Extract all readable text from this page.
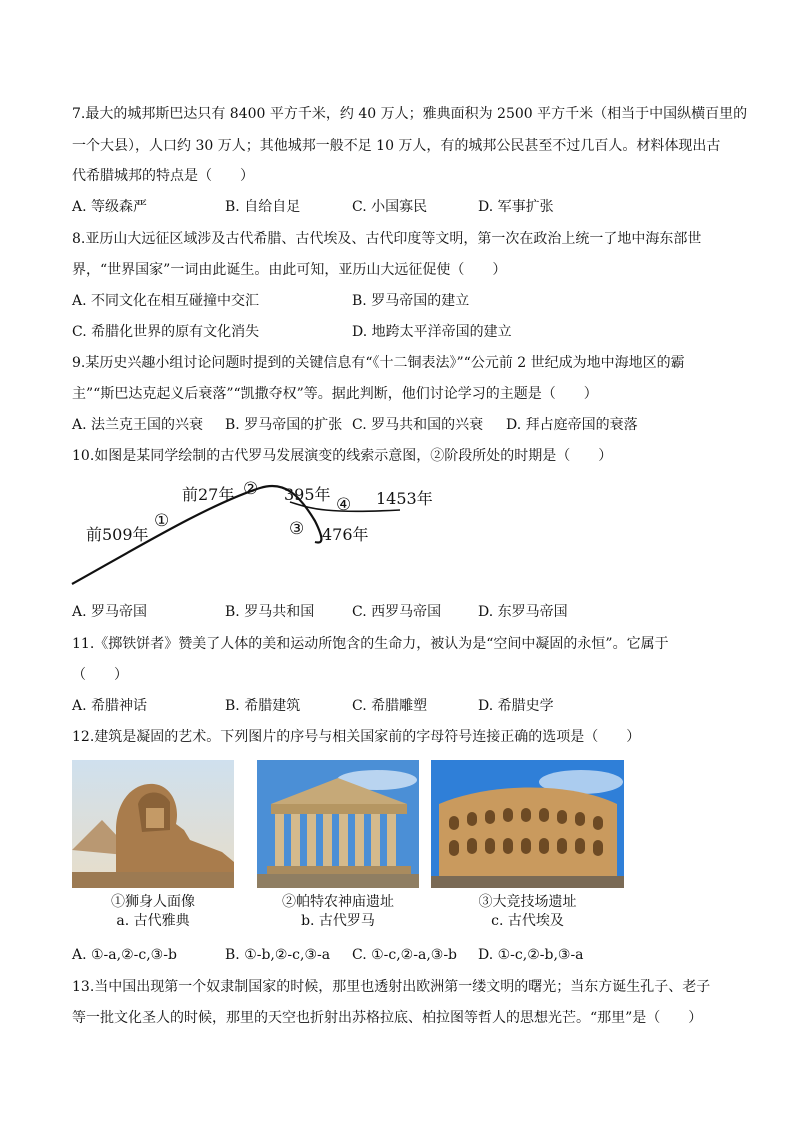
7.最大的城邦斯巴达只有 8400 平方千米，约 40 万人；雅典面积为 2500 平方千米（相当于中国纵横百里的
一个大县），人口约 30 万人；其他城邦一般不足 10 万人，有的城邦公民甚至不过几百人。材料体现出古
代希腊城邦的特点是（　　）
A. 等级森严	B. 自给自足	C. 小国寡民	D. 军事扩张
8.亚历山大远征区域涉及古代希腊、古代埃及、古代印度等文明，第一次在政治上统一了地中海东部世
界，“世界国家”一词由此诞生。由此可知，亚历山大远征促使（　　）
A. 不同文化在相互碰撞中交汇	B. 罗马帝国的建立
C. 希腊化世界的原有文化消失	D. 地跨太平洋帝国的建立
9.某历史兴趣小组讨论问题时提到的关键信息有“《十二铜表法》”“公元前 2 世纪成为地中海地区的霸
主”“斯巴达克起义后衰落”“凯撒夺权”等。据此判断，他们讨论学习的主题是（　　）
A. 法兰克王国的兴衰 B. 罗马帝国的扩张 C. 罗马共和国的兴衰 D. 拜占庭帝国的衰落
10.如图是某同学绘制的古代罗马发展演变的线索示意图，②阶段所处的时期是（　　）
前509年
前27年	395年	1453年
476年
①
②
③
④
A. 罗马帝国	B. 罗马共和国	C. 西罗马帝国	D. 东罗马帝国
11.《掷铁饼者》赞美了人体的美和运动所饱含的生命力，被认为是“空间中凝固的永恒”。它属于
（　　）
A. 希腊神话	B. 希腊建筑	C. 希腊雕塑	D. 希腊史学
12.建筑是凝固的艺术。下列图片的序号与相关国家前的字母符号连接正确的选项是（　　）
①狮身人面像	②帕特农神庙遗址	③大竞技场遗址
a. 古代雅典	b. 古代罗马	c. 古代埃及
A. ①-a,②-c,③-b	B. ①-b,②-c,③-a C. ①-c,②-a,③-b D. ①-c,②-b,③-a
13.当中国出现第一个奴隶制国家的时候，那里也透射出欧洲第一缕文明的曙光；当东方诞生孔子、老子
等一批文化圣人的时候，那里的天空也折射出苏格拉底、柏拉图等哲人的思想光芒。“那里”是（　　）
